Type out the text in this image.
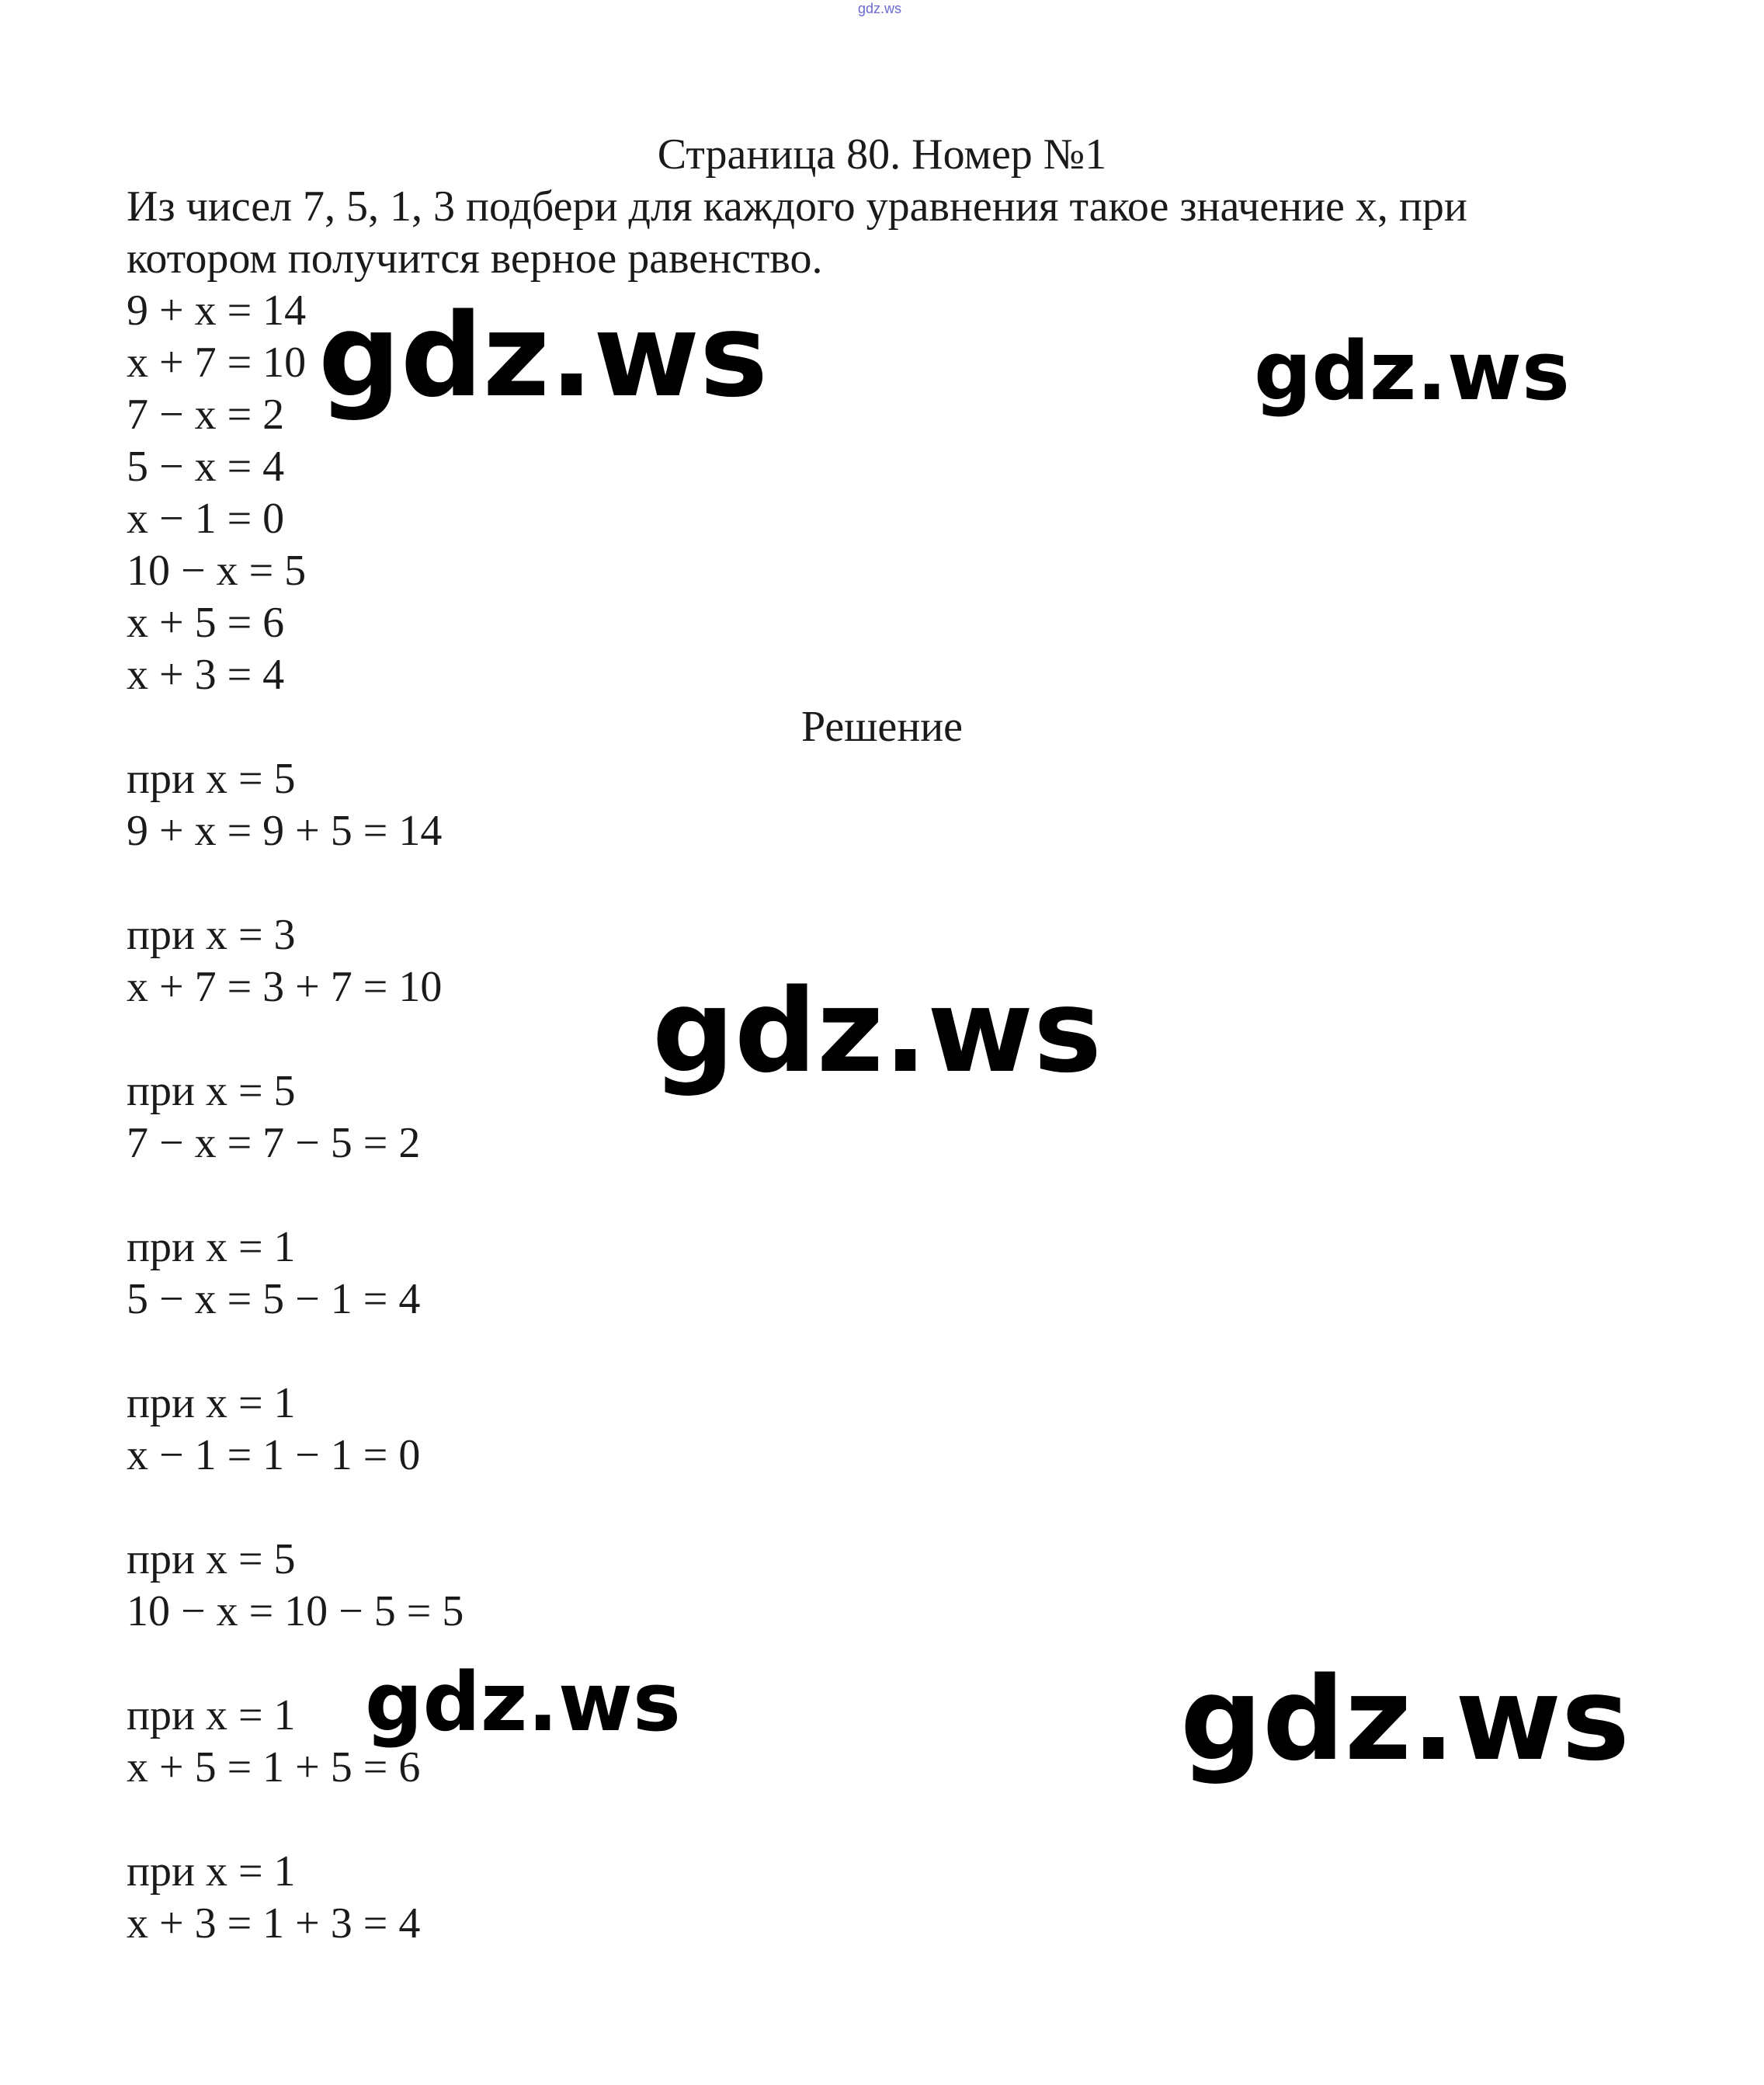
gdz.ws
Страница 80. Номер №1
Из чисел 7, 5, 1, 3 подбери для каждого уравнения такое значение x, при
котором получится верное равенство.
9 + x = 14
x + 7 = 10
7 − x = 2
5 − x = 4
x − 1 = 0
10 − x = 5
x + 5 = 6
x + 3 = 4
Решение
при x = 5
9 + x = 9 + 5 = 14
при x = 3
x + 7 = 3 + 7 = 10
при x = 5
7 − x = 7 − 5 = 2
при x = 1
5 − x = 5 − 1 = 4
при x = 1
x − 1 = 1 − 1 = 0
при x = 5
10 − x = 10 − 5 = 5
при x = 1
x + 5 = 1 + 5 = 6
при x = 1
x + 3 = 1 + 3 = 4
gdz.ws	gdz.ws
gdz.ws
gdz.ws	gdz.ws
